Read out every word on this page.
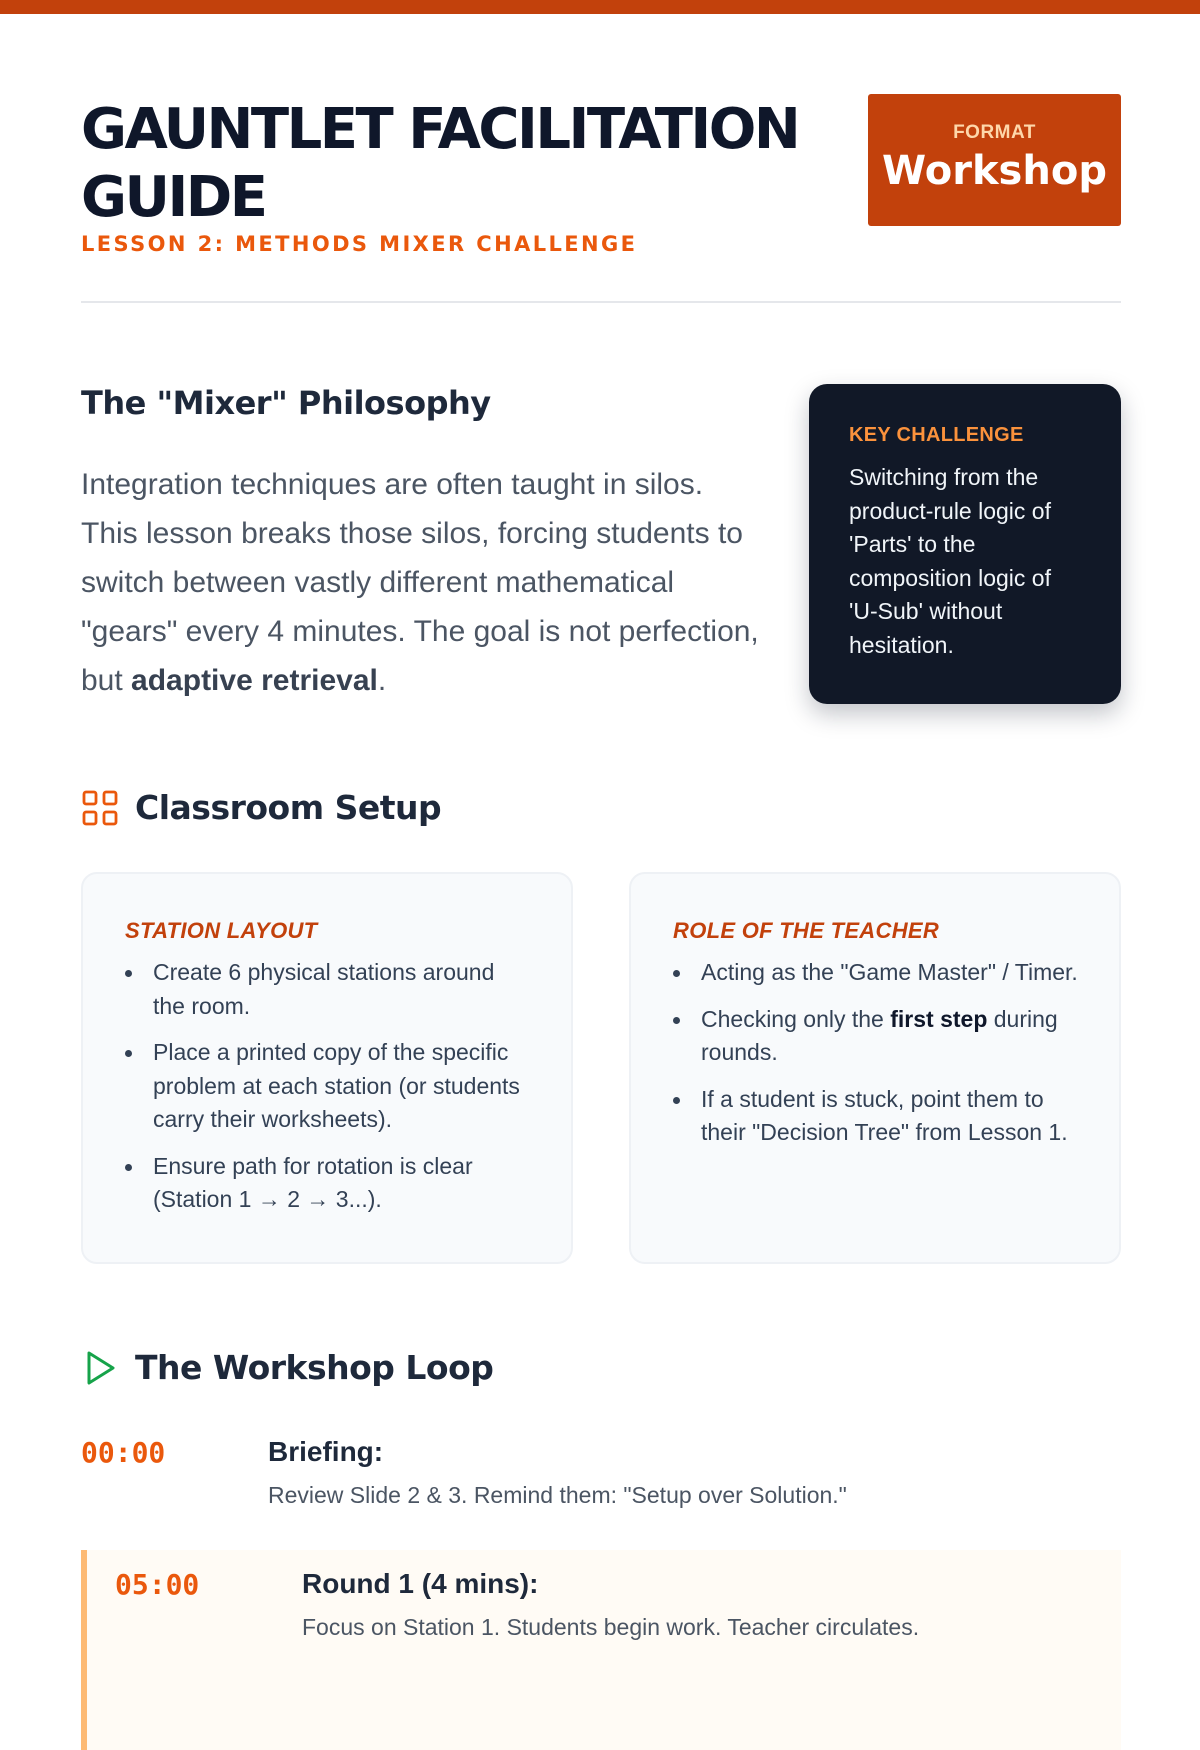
GAUNTLET FACILITATION GUIDE
LESSON 2: METHODS MIXER CHALLENGE
FORMAT
Workshop
The "Mixer" Philosophy

Integration techniques are often taught in silos. This lesson breaks those silos, forcing students to switch between vastly different mathematical "gears" every 4 minutes. The goal is not perfection, but adaptive retrieval.

KEY CHALLENGE
Switching from the product-rule logic of 'Parts' to the composition logic of 'U-Sub' without hesitation.
Classroom Setup
STATION LAYOUT
Create 6 physical stations around the room.
Place a printed copy of the specific problem at each station (or students carry their worksheets).
Ensure path for rotation is clear (Station 1 → 2 → 3...).
ROLE OF THE TEACHER
Acting as the "Game Master" / Timer.
Checking only the first step during rounds.
If a student is stuck, point them to their "Decision Tree" from Lesson 1.
The Workshop Loop
00:00	Briefing:
Review Slide 2 & 3. Remind them: "Setup over Solution."
05:00	Round 1 (4 mins):
Focus on Station 1. Students begin work. Teacher circulates.
